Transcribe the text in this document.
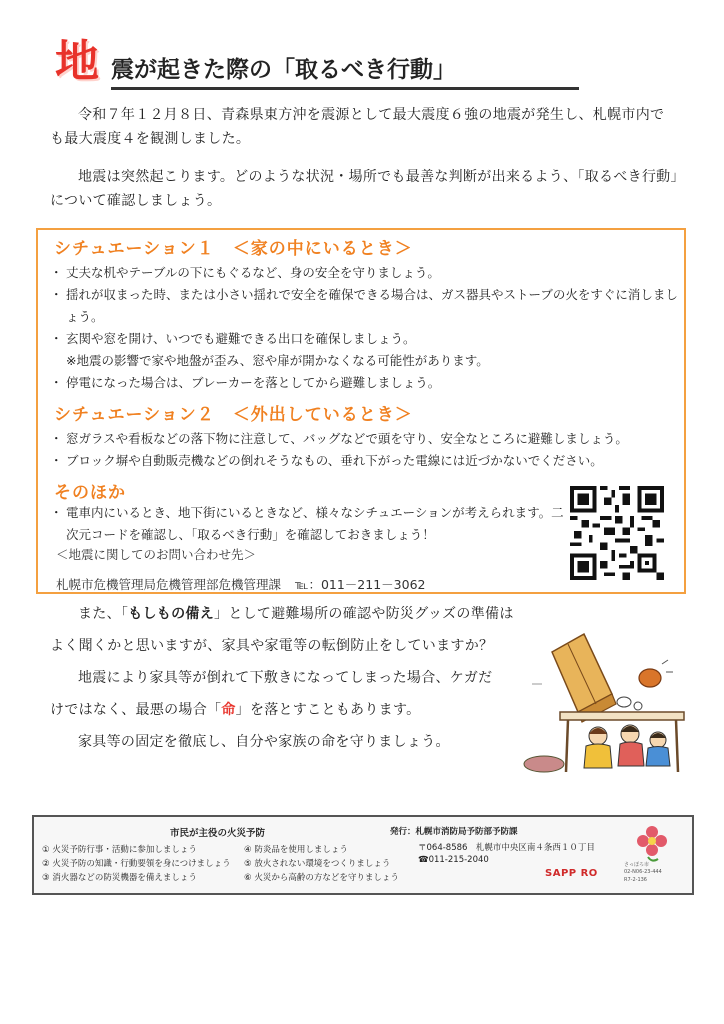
地 震が起きた際の「取るべき行動」

令和７年１２月８日、青森県東方沖を震源として最大震度６強の地震が発生し、札幌市内でも最大震度４を観測しました。

地震は突然起こります。どのような状況・場所でも最善な判断が出来るよう、「取るべき行動」について確認しましょう。

シチュエーション１　＜家の中にいるとき＞
・ 丈夫な机やテーブルの下にもぐるなど、身の安全を守りましょう。
・ 揺れが収まった時、または小さい揺れで安全を確保できる場合は、ガス器具やストーブの火をすぐに消しましょう。
・ 玄関や窓を開け、いつでも避難できる出口を確保しましょう。
※地震の影響で家や地盤が歪み、窓や扉が開かなくなる可能性があります。
・ 停電になった場合は、ブレーカーを落としてから避難しましょう。
シチュエーション２　＜外出しているとき＞
・ 窓ガラスや看板などの落下物に注意して、バッグなどで頭を守り、安全なところに避難しましょう。
・ ブロック塀や自動販売機などの倒れそうなもの、垂れ下がった電線には近づかないでください。
そのほか
・ 電車内にいるとき、地下街にいるときなど、様々なシチュエーションが考えられます。二次元コードを確認し、「取るべき行動」を確認しておきましょう！
＜地震に関してのお問い合わせ先＞
札幌市危機管理局危機管理部危機管理課 ℡：011－211－3062
また、「もしもの備え」として避難場所の確認や防災グッズの準備は
よく聞くかと思いますが、家具や家電等の転倒防止をしていますか？
地震により家具等が倒れて下敷きになってしまった場合、ケガだ
けではなく、最悪の場合「命」を落とすこともあります。
家具等の固定を徹底し、自分や家族の命を守りましょう。
市民が主役の火災予防
① 火災予防行事・活動に参加しましょう
② 火災予防の知識・行動要領を身につけましょう
③ 消火器などの防災機器を備えましょう
④ 防炎品を使用しましょう
⑤ 放火されない環境をつくりましょう
⑥ 火災から高齢の方などを守りましょう
発行：札幌市消防局予防部予防課
〒064-8586　札幌市中央区南４条西１０丁目
☎011-215-2040
SAPP RO
さっぽろ市
02-N06-23-444
R7-2-136
